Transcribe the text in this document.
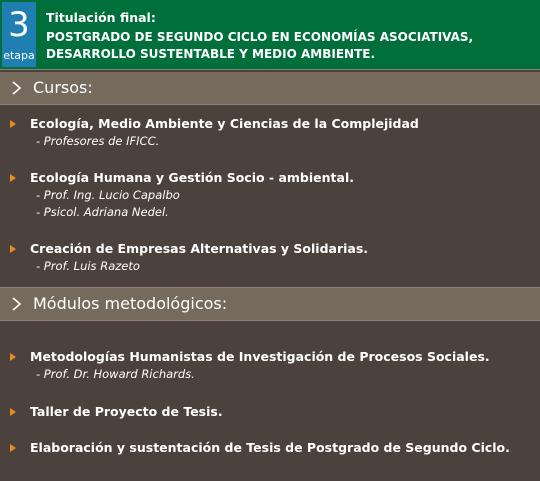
3
etapa
Titulación final:
POSTGRADO DE SEGUNDO CICLO EN ECONOMÍAS ASOCIATIVAS, DESARROLLO SUSTENTABLE Y MEDIO AMBIENTE.
Cursos:
Ecología, Medio Ambiente y Ciencias de la Complejidad
- Profesores de IFICC.
Ecología Humana y Gestión Socio - ambiental.
- Prof. Ing. Lucio Capalbo
- Psicol. Adriana Nedel.
Creación de Empresas Alternativas y Solidarias.
- Prof. Luis Razeto
Módulos metodológicos:
Metodologías Humanistas de Investigación de Procesos Sociales.
- Prof. Dr. Howard Richards.
Taller de Proyecto de Tesis.
Elaboración y sustentación de Tesis de Postgrado de Segundo Ciclo.
